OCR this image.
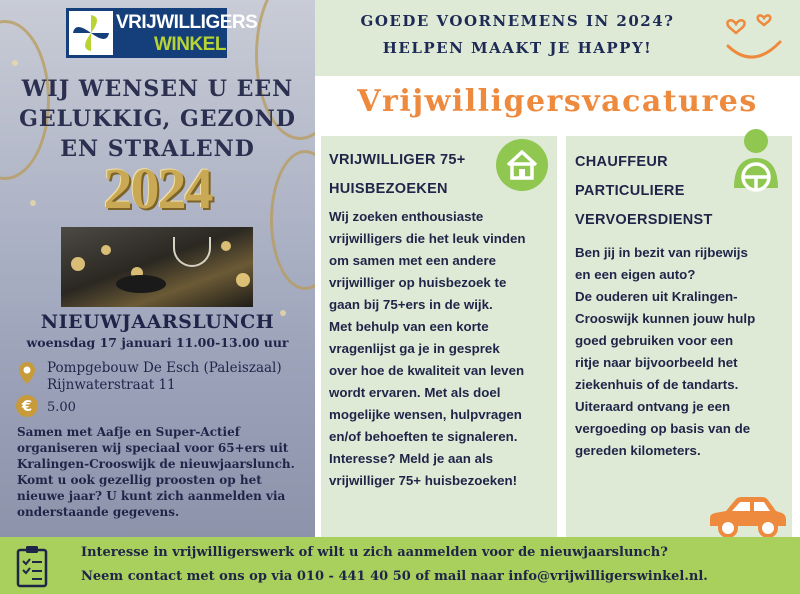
VRIJWILLIGERS
WINKEL
WIJ WENSEN U EEN
GELUKKIG, GEZOND
EN STRALEND
2024
NIEUWJAARSLUNCH
woensdag 17 januari 11.00-13.00 uur
Pompgebouw De Esch (Paleiszaal)
Rijnwaterstraat 11
€	5.00
Samen met Aafje en Super-Actief
organiseren wij speciaal voor 65+ers uit
Kralingen-Crooswijk de nieuwjaarslunch.
Komt u ook gezellig proosten op het
nieuwe jaar? U kunt zich aanmelden via
onderstaande gegevens.
GOEDE VOORNEMENS IN 2024?
HELPEN MAAKT JE HAPPY!
Vrijwilligersvacatures
VRIJWILLIGER 75+
HUISBEZOEKEN
Wij zoeken enthousiaste
vrijwilligers die het leuk vinden
om samen met een andere
vrijwilliger op huisbezoek te
gaan bij 75+ers in de wijk.
Met behulp van een korte
vragenlijst ga je in gesprek
over hoe de kwaliteit van leven
wordt ervaren. Met als doel
mogelijke wensen, hulpvragen
en/of behoeften te signaleren.
Interesse? Meld je aan als
vrijwilliger 75+ huisbezoeken!
CHAUFFEUR
PARTICULIERE
VERVOERSDIENST
Ben jij in bezit van rijbewijs
en een eigen auto?
De ouderen uit Kralingen-
Crooswijk kunnen jouw hulp
goed gebruiken voor een
ritje naar bijvoorbeeld het
ziekenhuis of de tandarts.
Uiteraard ontvang je een
vergoeding op basis van de
gereden kilometers.
Interesse in vrijwilligerswerk of wilt u zich aanmelden voor de nieuwjaarslunch?
Neem contact met ons op via 010 - 441 40 50 of mail naar info@vrijwilligerswinkel.nl.
